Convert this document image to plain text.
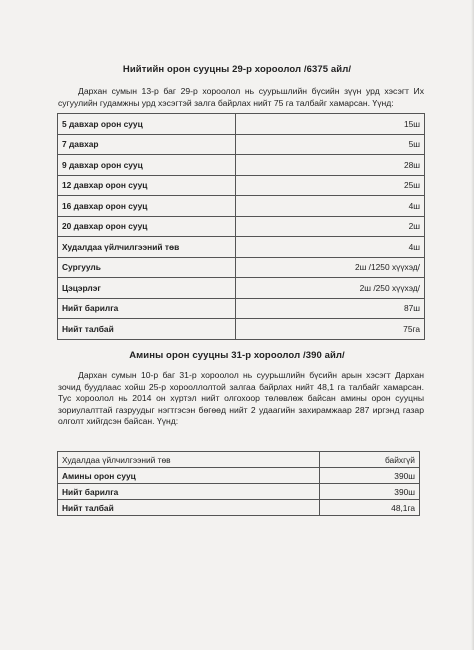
Нийтийн орон сууцны 29-р хороолол /6375 айл/
Дархан сумын 13-р баг 29-р хороолол нь суурьшлийн бүсийн зүүн урд хэсэгт Их сугуулийн гудамжны урд хэсэгтэй залга байрлах нийт 75 га талбайг хамарсан. Үүнд:
5 давхар орон сууц	15ш
7 давхар	5ш
9 давхар орон сууц	28ш
12 давхар орон сууц	25ш
16 давхар орон сууц	4ш
20 давхар орон сууц	2ш
Худалдаа үйлчилгээний төв	4ш
Сургууль	2ш /1250 хүүхэд/
Цэцэрлэг	2ш /250 хүүхэд/
Нийт барилга	87ш
Нийт талбай	75га
Амины орон сууцны 31-р хороолол /390 айл/
Дархан сумын 10-р баг 31-р хороолол нь суурьшлийн бүсийн арын хэсэгт Дархан зочид буудлаас хойш 25-р хорооллолтой залгаа байрлах нийт 48,1 га талбайг хамарсан. Тус хороолол нь 2014 он хүртэл нийт олгохоор төлөвлөж байсан амины орон сууцны зориулалттай газруудыг нэгтгэсэн бөгөөд нийт 2 удаагийн захирамжаар 287 иргэнд газар олголт хийгдсэн байсан. Үүнд:
Худалдаа үйлчилгээний төв	байхгүй
Амины орон сууц	390ш
Нийт барилга	390ш
Нийт талбай	48,1га
